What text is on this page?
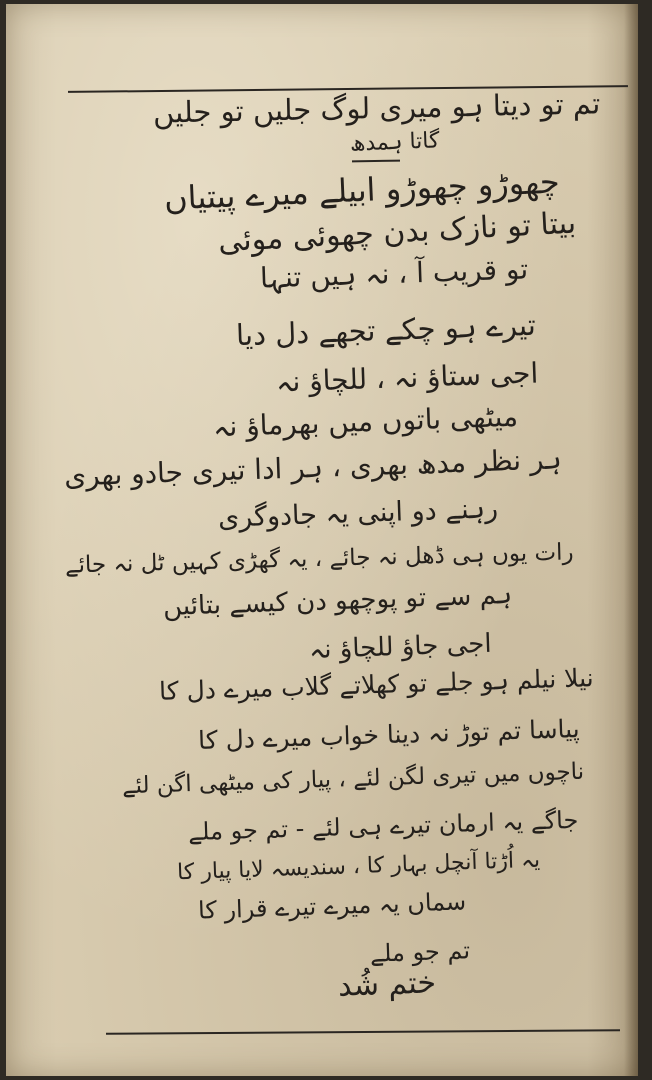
تم تو دیتا ہو میری لوگ جلیں تو جلیں
گاتا ہمدھ
چھوڑو چھوڑو ابیلے میرے پیتیاں
بیتا تو نازک بدن چھوئی موئی
تو قریب آ ، نہ ہیں تنہا
تیرے ہو چکے تجھے دل دیا
اجی ستاؤ نہ ، للچاؤ نہ
میٹھی باتوں میں بھرماؤ نہ
ہر نظر مدھ بھری ، ہر ادا تیری جادو بھری
رہنے دو اپنی یہ جادوگری
رات یوں ہی ڈھل نہ جائے ، یہ گھڑی کہیں ٹل نہ جائے
ہم سے تو پوچھو دن کیسے بتائیں
اجی جاؤ للچاؤ نہ
نیلا نیلم ہو جلے تو کھلاتے گلاب میرے دل کا
پیاسا تم توڑ نہ دینا خواب میرے دل کا
ناچوں میں تیری لگن لئے ، پیار کی میٹھی اگن لئے
جاگے یہ ارمان تیرے ہی لئے - تم جو ملے
یہ اُڑتا آنچل بہار کا ، سندیسہ لایا پیار کا
سماں یہ میرے تیرے قرار کا
تم جو ملے
ختم شُد
